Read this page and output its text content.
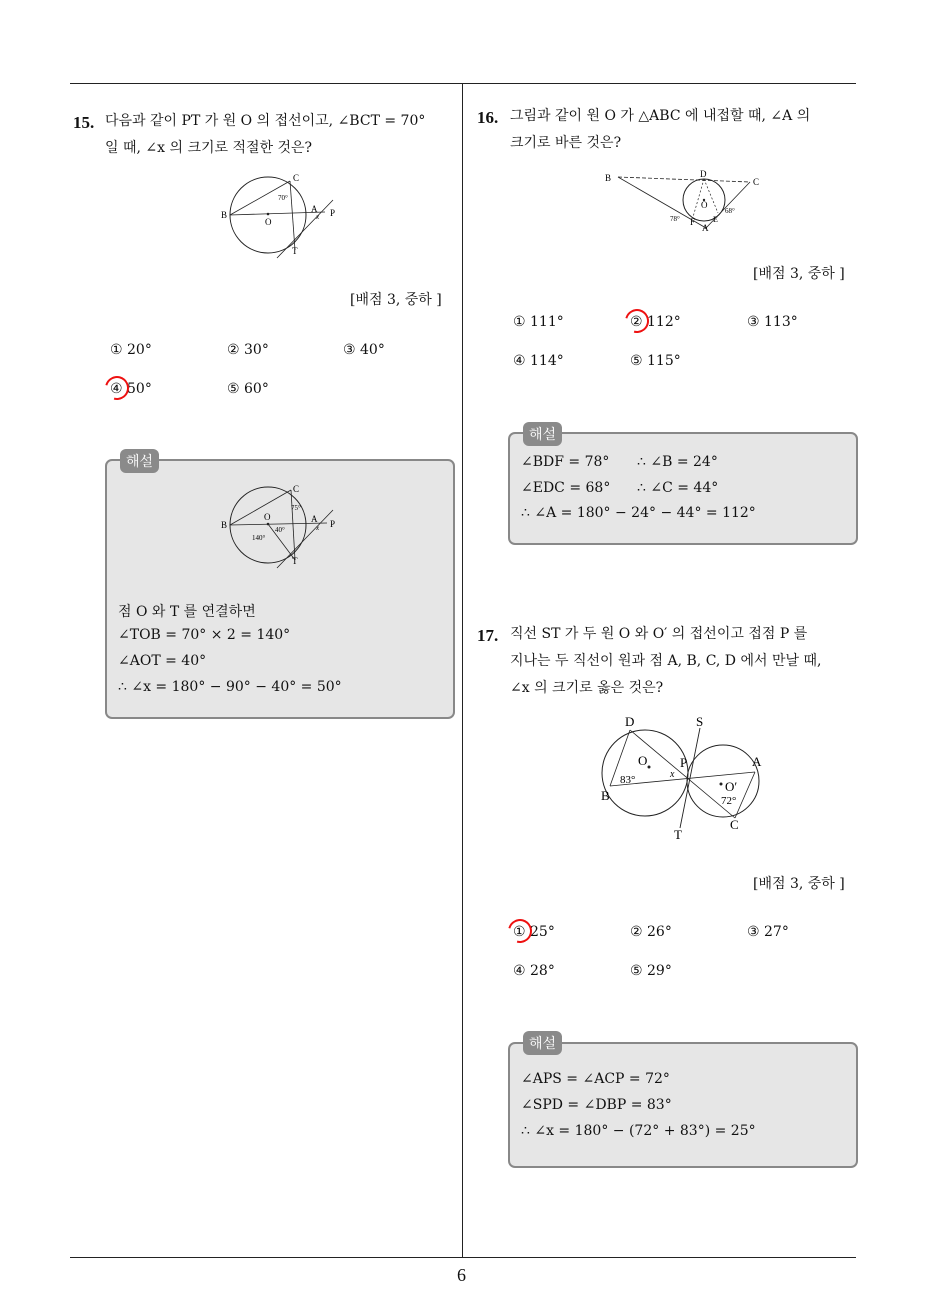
15. 다음과 같이 PT 가 원 O 의 접선이고, ∠BCT = 70°
일 때, ∠x 의 크기로 적절한 것은?
B
O
A P
C
T
x
70°
[배점 3, 중하 ]
① 20°	② 30°	③ 40°
④ 50°	⑤ 60°
해설
B
O	A P
C
T
x
75°
40°
140°
점 O 와 T 를 연결하면
∠TOB = 70° × 2 = 140°
∠AOT = 40°
∴ ∠x = 180° − 90° − 40° = 50°
16. 그림과 같이 원 O 가 △ABC 에 내접할 때, ∠A 의
크기로 바른 것은?
B	C
D
O
F E
A
78°
68°
[배점 3, 중하 ]
① 111°	② 112°	③ 113°
④ 114°	⑤ 115°
해설
∠BDF = 78° ∴ ∠B = 24°
∠EDC = 68° ∴ ∠C = 44°
∴ ∠A = 180° − 24° − 44° = 112°
17. 직선 ST 가 두 원 O 와 O′ 의 접선이고 접점 P 를
지나는 두 직선이 원과 점 A, B, C, D 에서 만날 때,
∠x 의 크기로 옳은 것은?
D	S
O	P	A
B
O′
C
T
x
83°
72°
[배점 3, 중하 ]
① 25°	② 26°	③ 27°
④ 28°	⑤ 29°
해설
∠APS = ∠ACP = 72°
∠SPD = ∠DBP = 83°
∴ ∠x = 180° − (72° + 83°) = 25°
6
